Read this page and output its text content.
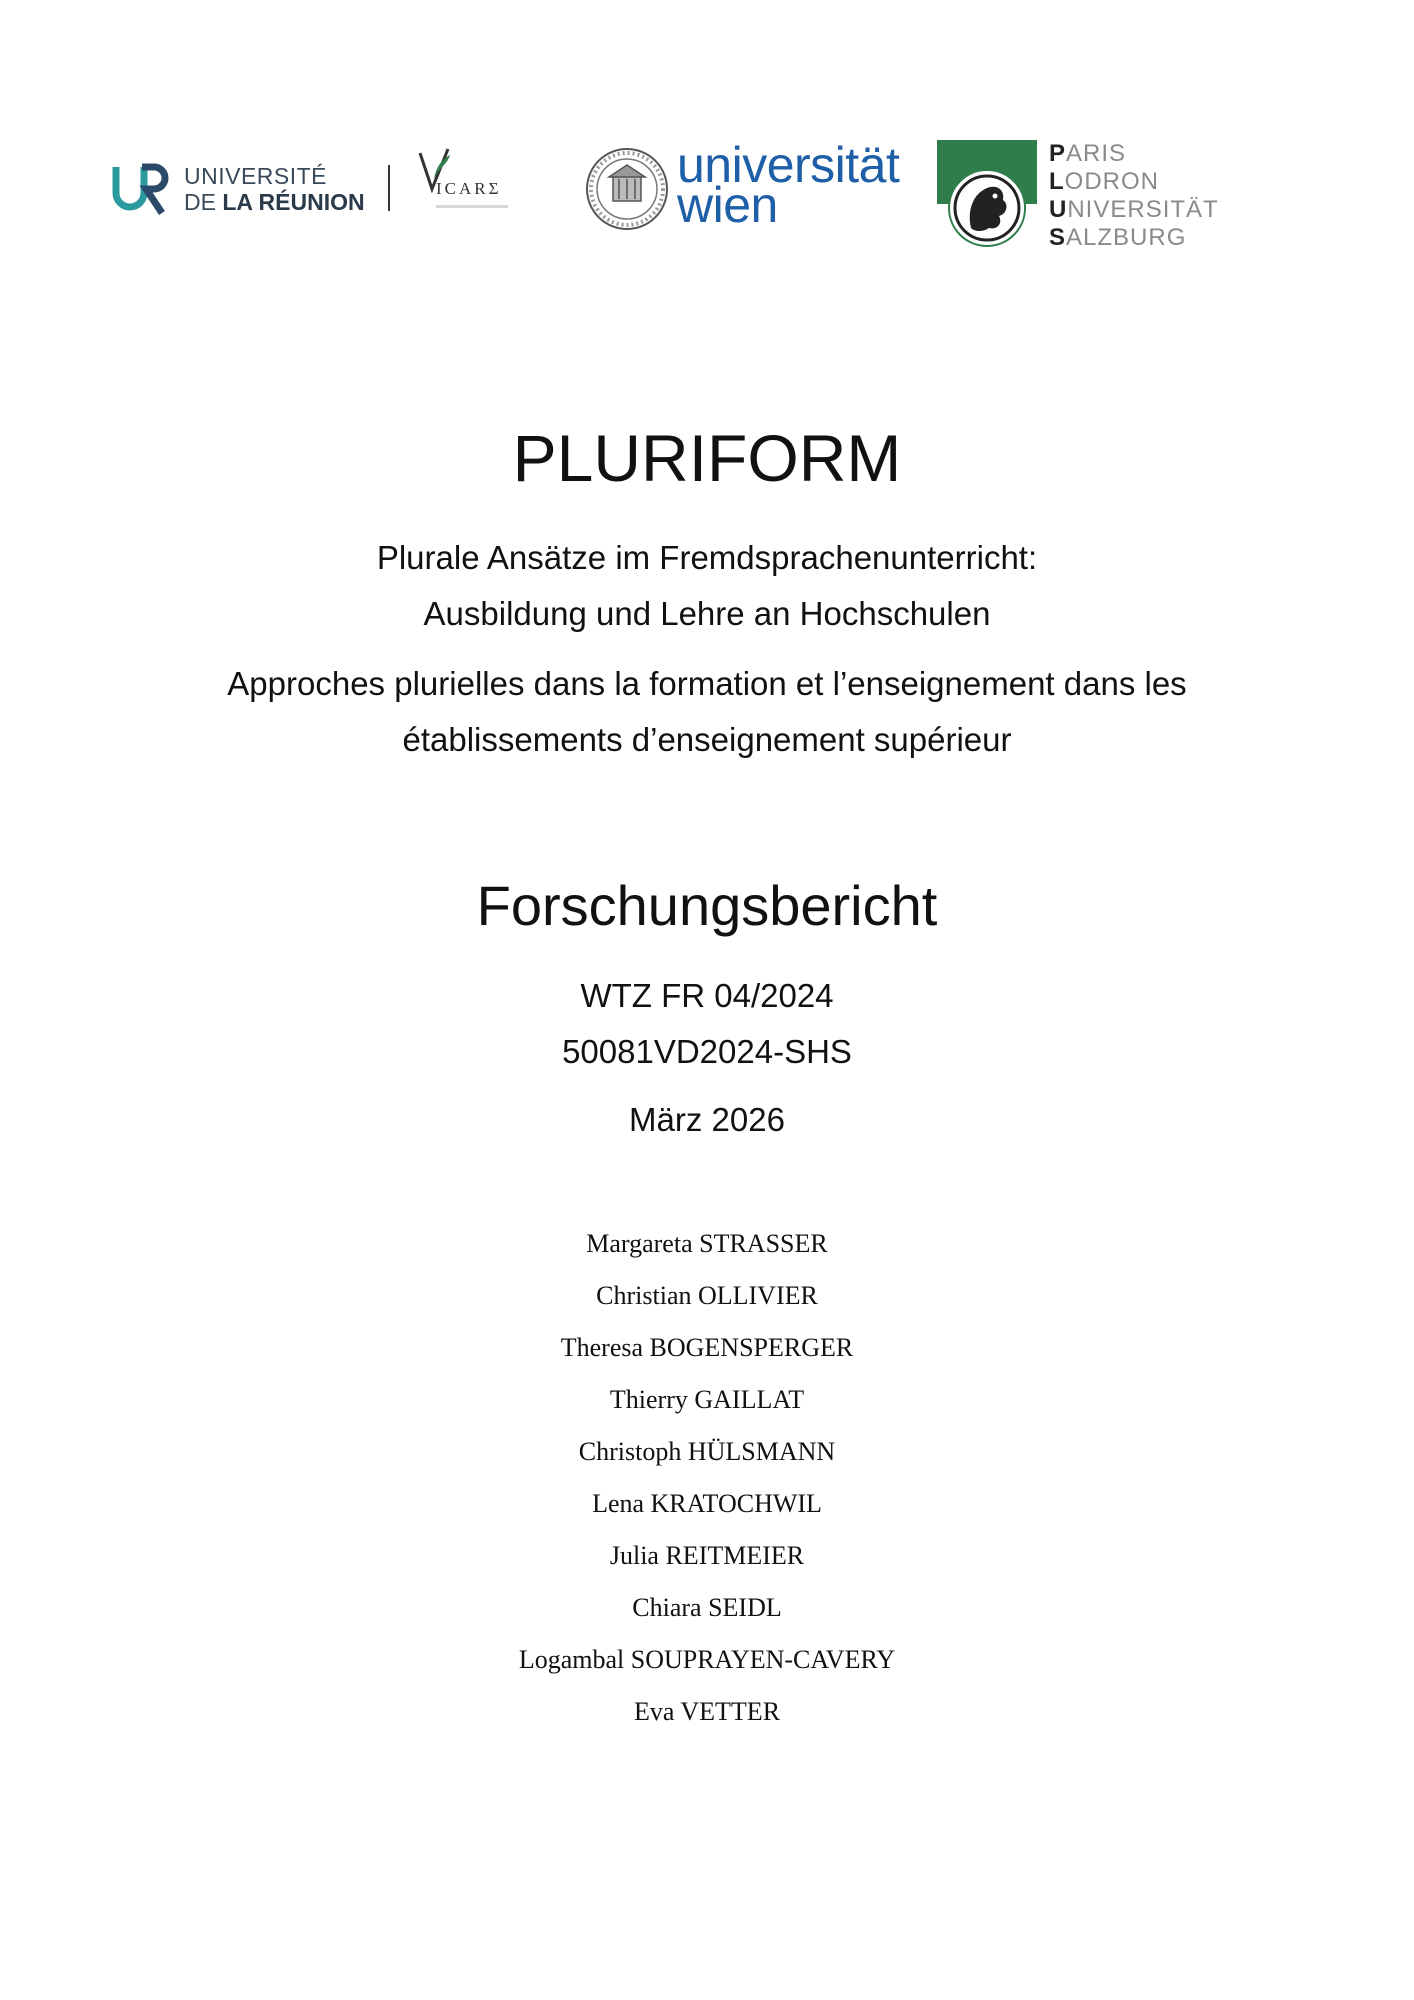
UNIVERSITÉ
DE LA RÉUNION
ICARΣ	universität
wien
PARIS
LODRON
UNIVERSITÄT
SALZBURG
PLURIFORM
Plurale Ansätze im Fremdsprachenunterricht:
Ausbildung und Lehre an Hochschulen
Approches plurielles dans la formation et l’enseignement dans les
établissements d’enseignement supérieur
Forschungsbericht
WTZ FR 04/2024
50081VD2024-SHS
März 2026
Margareta STRASSER
Christian OLLIVIER
Theresa BOGENSPERGER
Thierry GAILLAT
Christoph HÜLSMANN
Lena KRATOCHWIL
Julia REITMEIER
Chiara SEIDL
Logambal SOUPRAYEN-CAVERY
Eva VETTER
